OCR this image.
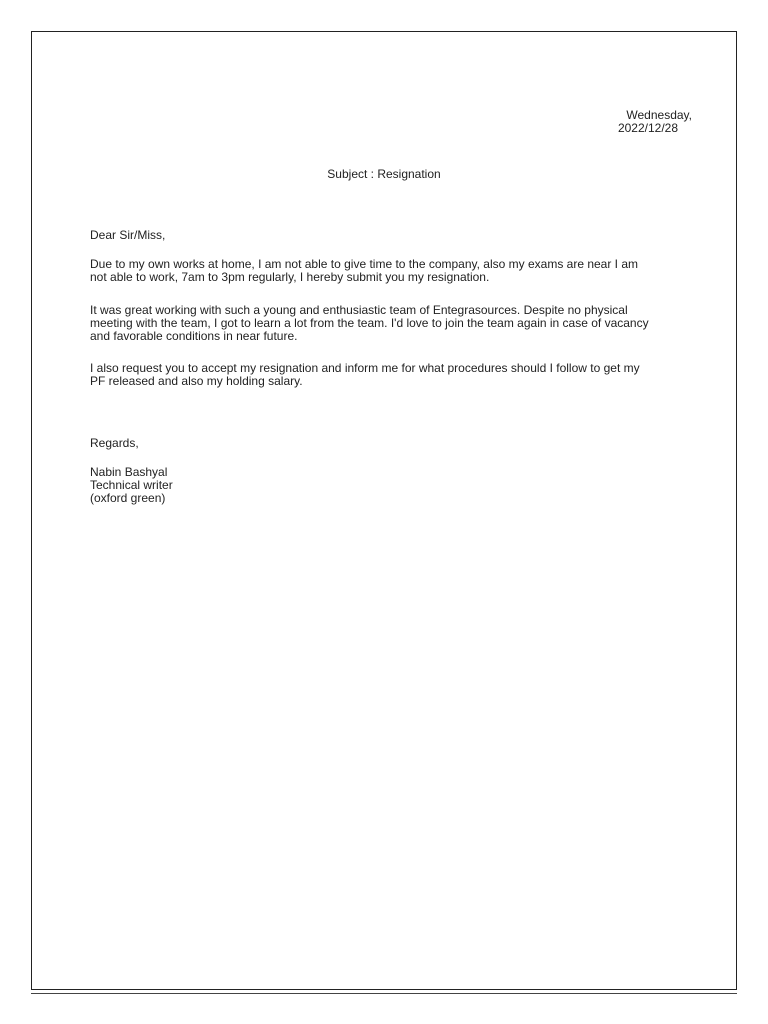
Wednesday,
2022/12/28
Subject : Resignation
Dear Sir/Miss,
Due to my own works at home, I am not able to give time to the company, also my exams are near I am
not able to work, 7am to 3pm regularly, I hereby submit you my resignation.
It was great working with such a young and enthusiastic team of Entegrasources. Despite no physical
meeting with the team, I got to learn a lot from the team. I'd love to join the team again in case of vacancy
and favorable conditions in near future.
I also request you to accept my resignation and inform me for what procedures should I follow to get my
PF released and also my holding salary.
Regards,
Nabin Bashyal
Technical writer
(oxford green)
